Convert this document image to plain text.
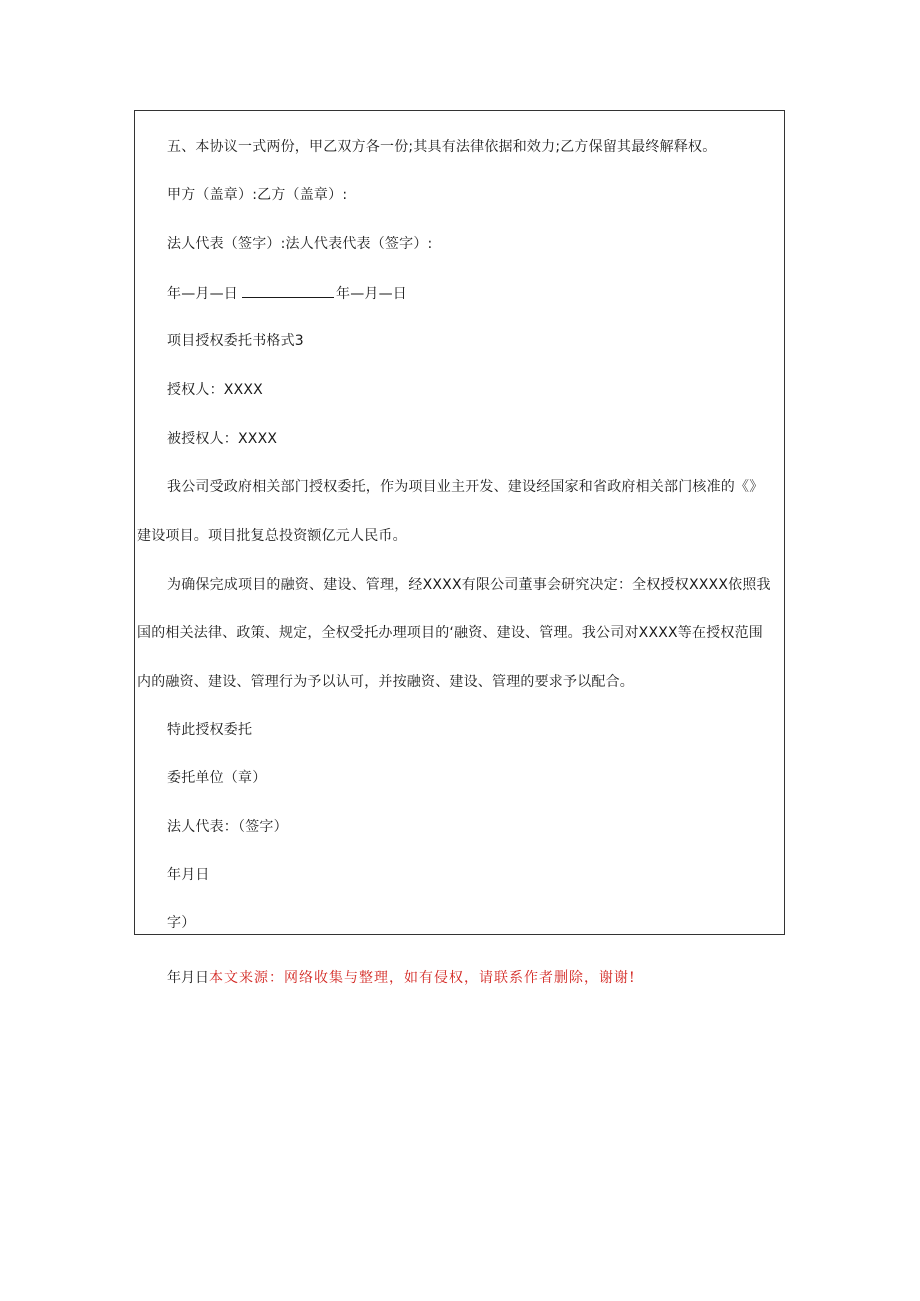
五、本协议一式两份，甲乙双方各一份;其具有法律依据和效力;乙方保留其最终解释权。
甲方（盖章）:乙方（盖章）:
法人代表（签字）:法人代表代表（签字）:
年—月—日	年—月—日
项目授权委托书格式3
授权人：XXXX
被授权人：XXXX
我公司受政府相关部门授权委托，作为项目业主开发、建设经国家和省政府相关部门核准的《》
建设项目。项目批复总投资额亿元人民币。
为确保完成项目的融资、建设、管理，经XXXX有限公司董事会研究决定：全权授权XXXX依照我
国的相关法律、政策、规定，全权受托办理项目的‘融资、建设、管理。我公司对XXXX等在授权范围
内的融资、建设、管理行为予以认可，并按融资、建设、管理的要求予以配合。
特此授权委托
委托单位（章）
法人代表：（签字）
年月日
字）
年月日本文来源：网络收集与整理，如有侵权，请联系作者删除，谢谢!
